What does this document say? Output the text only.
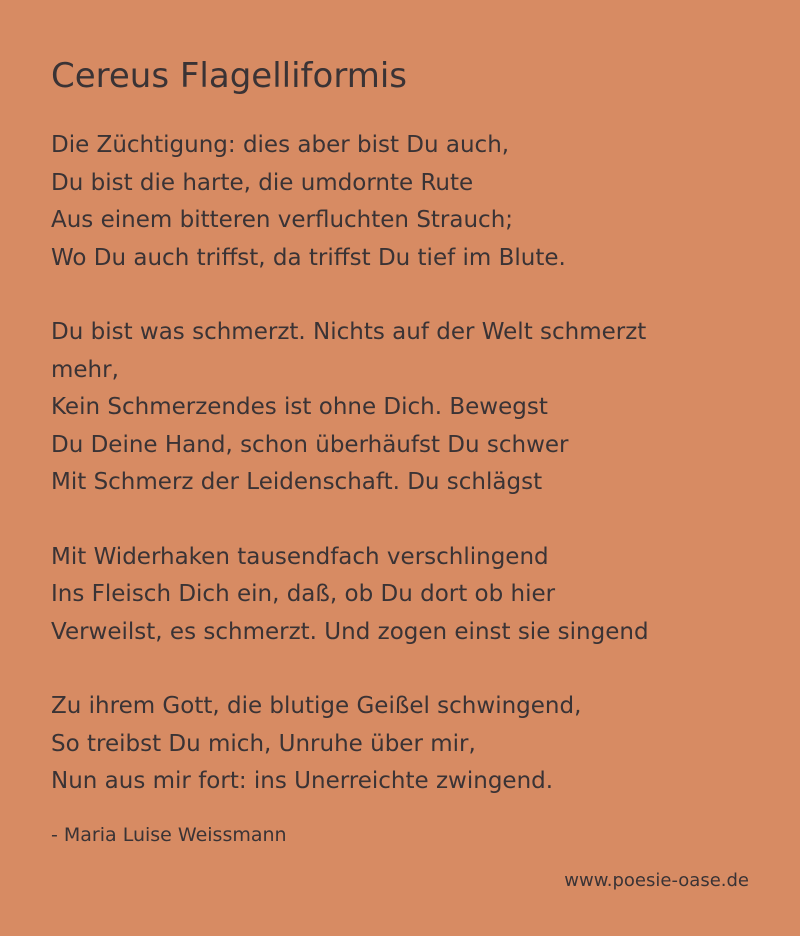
Cereus Flagelliformis
Die Züchtigung: dies aber bist Du auch,
Du bist die harte, die umdornte Rute
Aus einem bitteren verfluchten Strauch;
Wo Du auch triffst, da triffst Du tief im Blute.
Du bist was schmerzt. Nichts auf der Welt schmerzt
mehr,
Kein Schmerzendes ist ohne Dich. Bewegst
Du Deine Hand, schon überhäufst Du schwer
Mit Schmerz der Leidenschaft. Du schlägst
Mit Widerhaken tausendfach verschlingend
Ins Fleisch Dich ein, daß, ob Du dort ob hier
Verweilst, es schmerzt. Und zogen einst sie singend
Zu ihrem Gott, die blutige Geißel schwingend,
So treibst Du mich, Unruhe über mir,
Nun aus mir fort: ins Unerreichte zwingend.
- Maria Luise Weissmann
www.poesie-oase.de
